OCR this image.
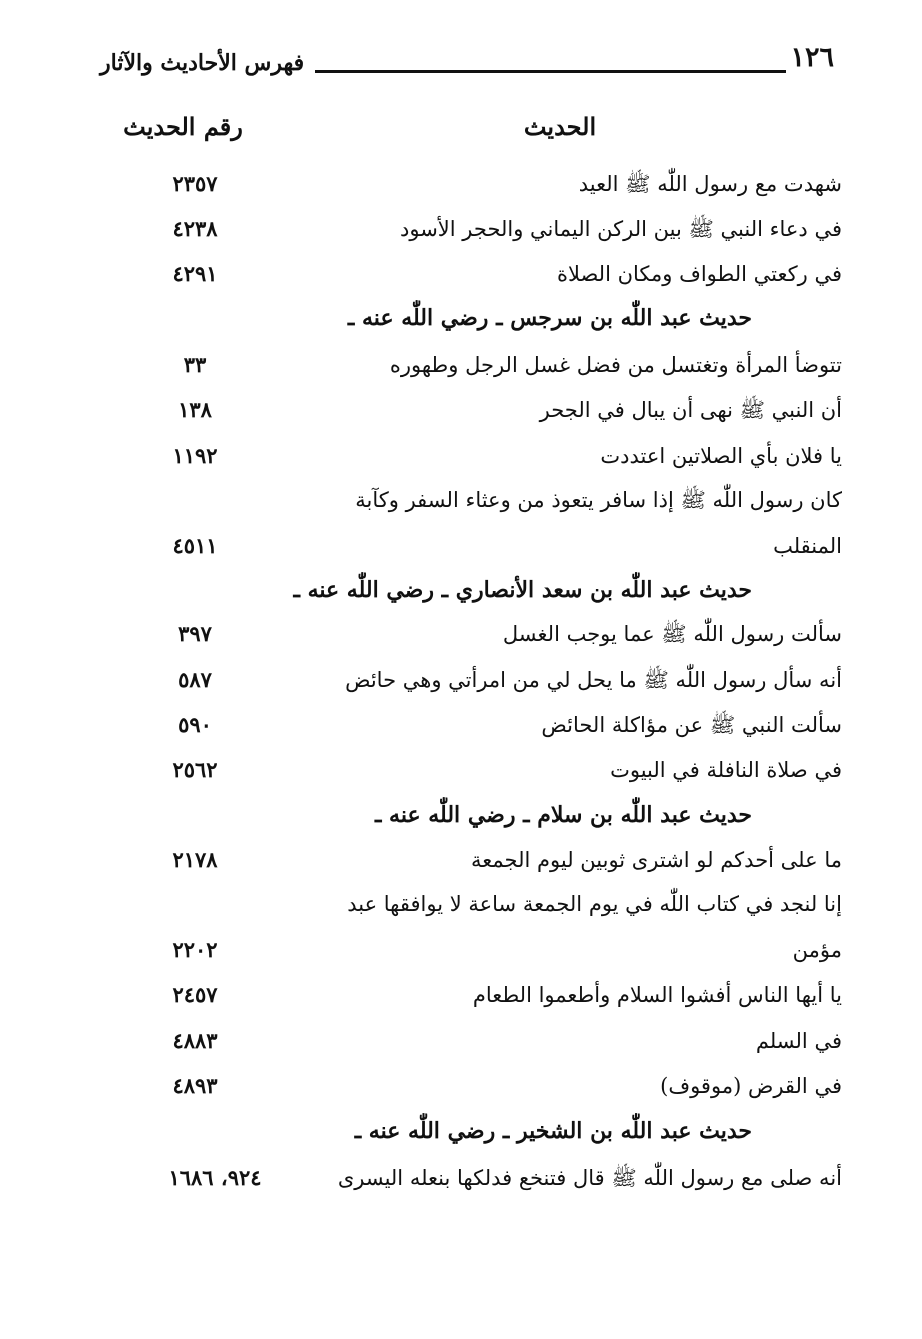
١٢٦
فهرس الأحاديث والآثار
الحديث
رقم الحديث
شهدت مع رسول اللّٰه ﷺ العيد
٢٣٥٧
في دعاء النبي ﷺ بين الركن اليماني والحجر الأسود
٤٢٣٨
في ركعتي الطواف ومكان الصلاة
٤٢٩١
حديث عبد اللّٰه بن سرجس ـ رضي اللّٰه عنه ـ
تتوضأ المرأة وتغتسل من فضل غسل الرجل وطهوره
٣٣
أن النبي ﷺ نهى أن يبال في الجحر
١٣٨
يا فلان بأي الصلاتين اعتددت
١١٩٢
كان رسول اللّٰه ﷺ إذا سافر يتعوذ من وعثاء السفر وكآبة
المنقلب
٤٥١١
حديث عبد اللّٰه بن سعد الأنصاري ـ رضي اللّٰه عنه ـ
سألت رسول اللّٰه ﷺ عما يوجب الغسل
٣٩٧
أنه سأل رسول اللّٰه ﷺ ما يحل لي من امرأتي وهي حائض
٥٨٧
سألت النبي ﷺ عن مؤاكلة الحائض
٥٩٠
في صلاة النافلة في البيوت
٢٥٦٢
حديث عبد اللّٰه بن سلام ـ رضي اللّٰه عنه ـ
ما على أحدكم لو اشترى ثوبين ليوم الجمعة
٢١٧٨
إنا لنجد في كتاب اللّٰه في يوم الجمعة ساعة لا يوافقها عبد
مؤمن
٢٢٠٢
يا أيها الناس أفشوا السلام وأطعموا الطعام
٢٤٥٧
في السلم
٤٨٨٣
في القرض (موقوف)
٤٨٩٣
حديث عبد اللّٰه بن الشخير ـ رضي اللّٰه عنه ـ
أنه صلى مع رسول اللّٰه ﷺ قال فتنخع فدلكها بنعله اليسرى
٩٢٤، ١٦٨٦
